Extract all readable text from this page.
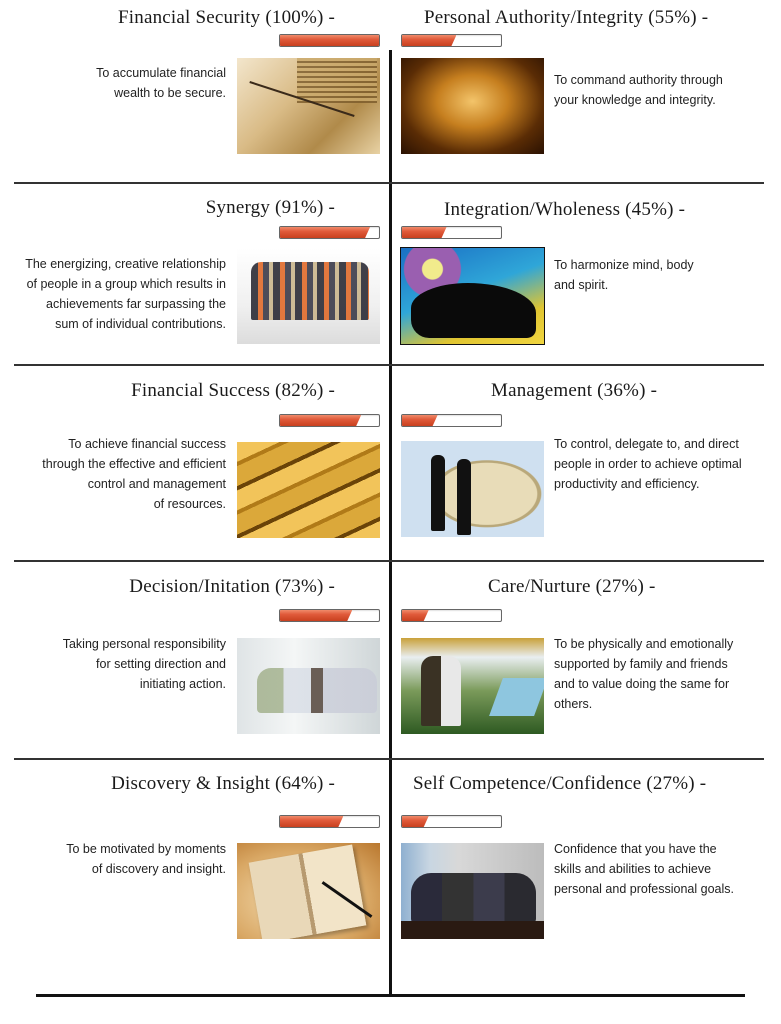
Financial Security (100%) -
To accumulate financial
wealth to be secure.
Synergy (91%) -
The energizing, creative relationship
of people in a group which results in
achievements far surpassing the
sum of individual contributions.
Financial Success (82%) -
To achieve financial success
through the effective and efficient
control and management
of resources.
Decision/Initation (73%) -
Taking personal responsibility
for setting direction and
initiating action.
Discovery & Insight (64%) -
To be motivated by moments
of discovery and insight.
Personal Authority/Integrity (55%) -
To command authority through
your knowledge and integrity.
Integration/Wholeness (45%) -
To harmonize mind, body
and spirit.
Management (36%) -
To control, delegate to, and direct
people in order to achieve optimal
productivity and efficiency.
Care/Nurture (27%) -
To be physically and emotionally
supported by family and friends
and to value doing the same for
others.
Self Competence/Confidence (27%) -
Confidence that you have the
skills and abilities to achieve
personal and professional goals.
